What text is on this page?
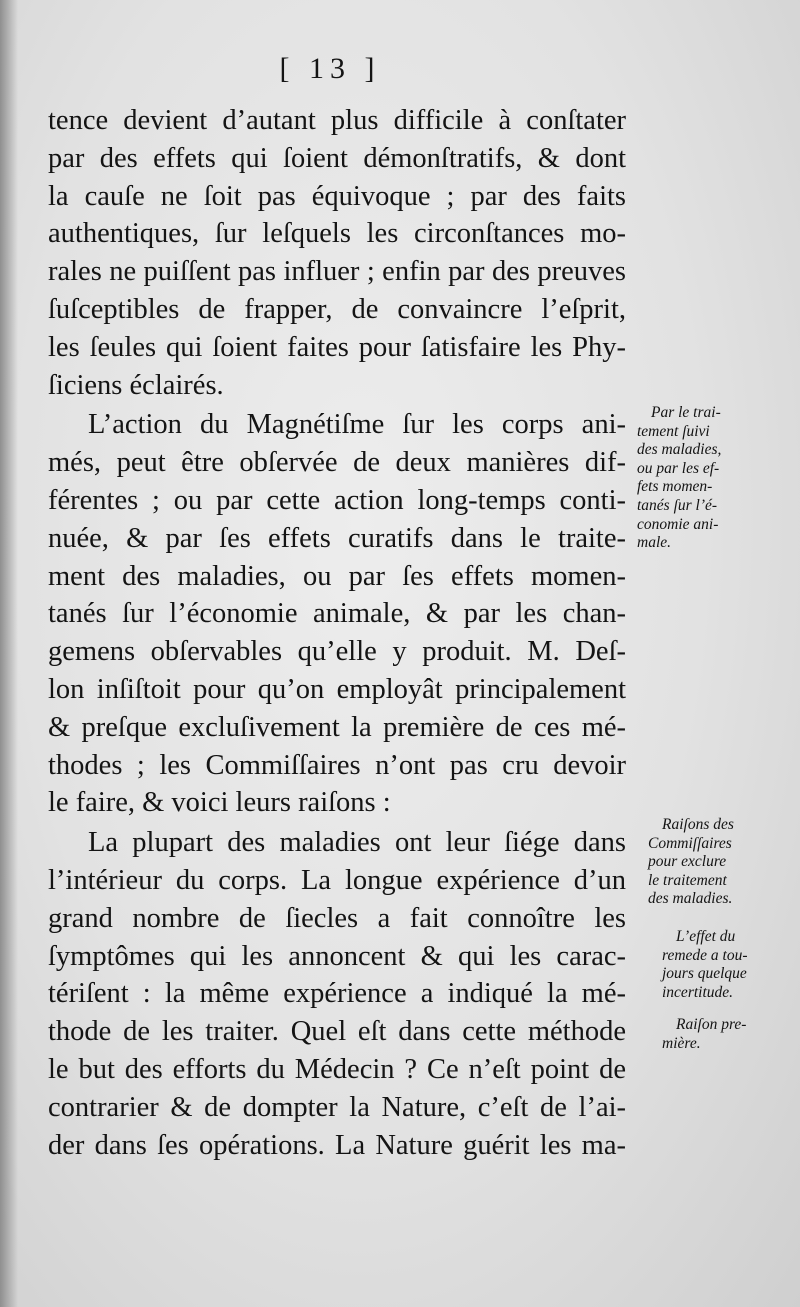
[ 13 ]
tence devient d’autant plus difficile à conſtater
par des effets qui ſoient démonſtratifs, & dont
la cauſe ne ſoit pas équivoque ; par des faits
authentiques, ſur leſquels les circonſtances mo-
rales ne puiſſent pas influer ; enfin par des preuves
ſuſceptibles de frapper, de convaincre l’eſprit,
les ſeules qui ſoient faites pour ſatisfaire les Phy-
ſiciens éclairés.
L’action du Magnétiſme ſur les corps ani-
més, peut être obſervée de deux manières dif-
férentes ; ou par cette action long-temps conti-
nuée, & par ſes effets curatifs dans le traite-
ment des maladies, ou par ſes effets momen-
tanés ſur l’économie animale, & par les chan-
gemens obſervables qu’elle y produit. M. Deſ-
lon inſiſtoit pour qu’on employât principalement
& preſque excluſivement la première de ces mé-
thodes ; les Commiſſaires n’ont pas cru devoir
le faire, & voici leurs raiſons :
La plupart des maladies ont leur ſiége dans
l’intérieur du corps. La longue expérience d’un
grand nombre de ſiecles a fait connoître les
ſymptômes qui les annoncent & qui les carac-
tériſent : la même expérience a indiqué la mé-
thode de les traiter. Quel eſt dans cette méthode
le but des efforts du Médecin ? Ce n’eſt point de
contrarier & de dompter la Nature, c’eſt de l’ai-
der dans ſes opérations. La Nature guérit les ma-
Par le trai-
tement ſuivi
des maladies,
ou par les ef-
fets momen-
tanés ſur l’é-
conomie ani-
male.
Raiſons des
Commiſſaires
pour exclure
le traitement
des maladies.
L’effet du
remede a tou-
jours quelque
incertitude.
Raiſon pre-
mière.
